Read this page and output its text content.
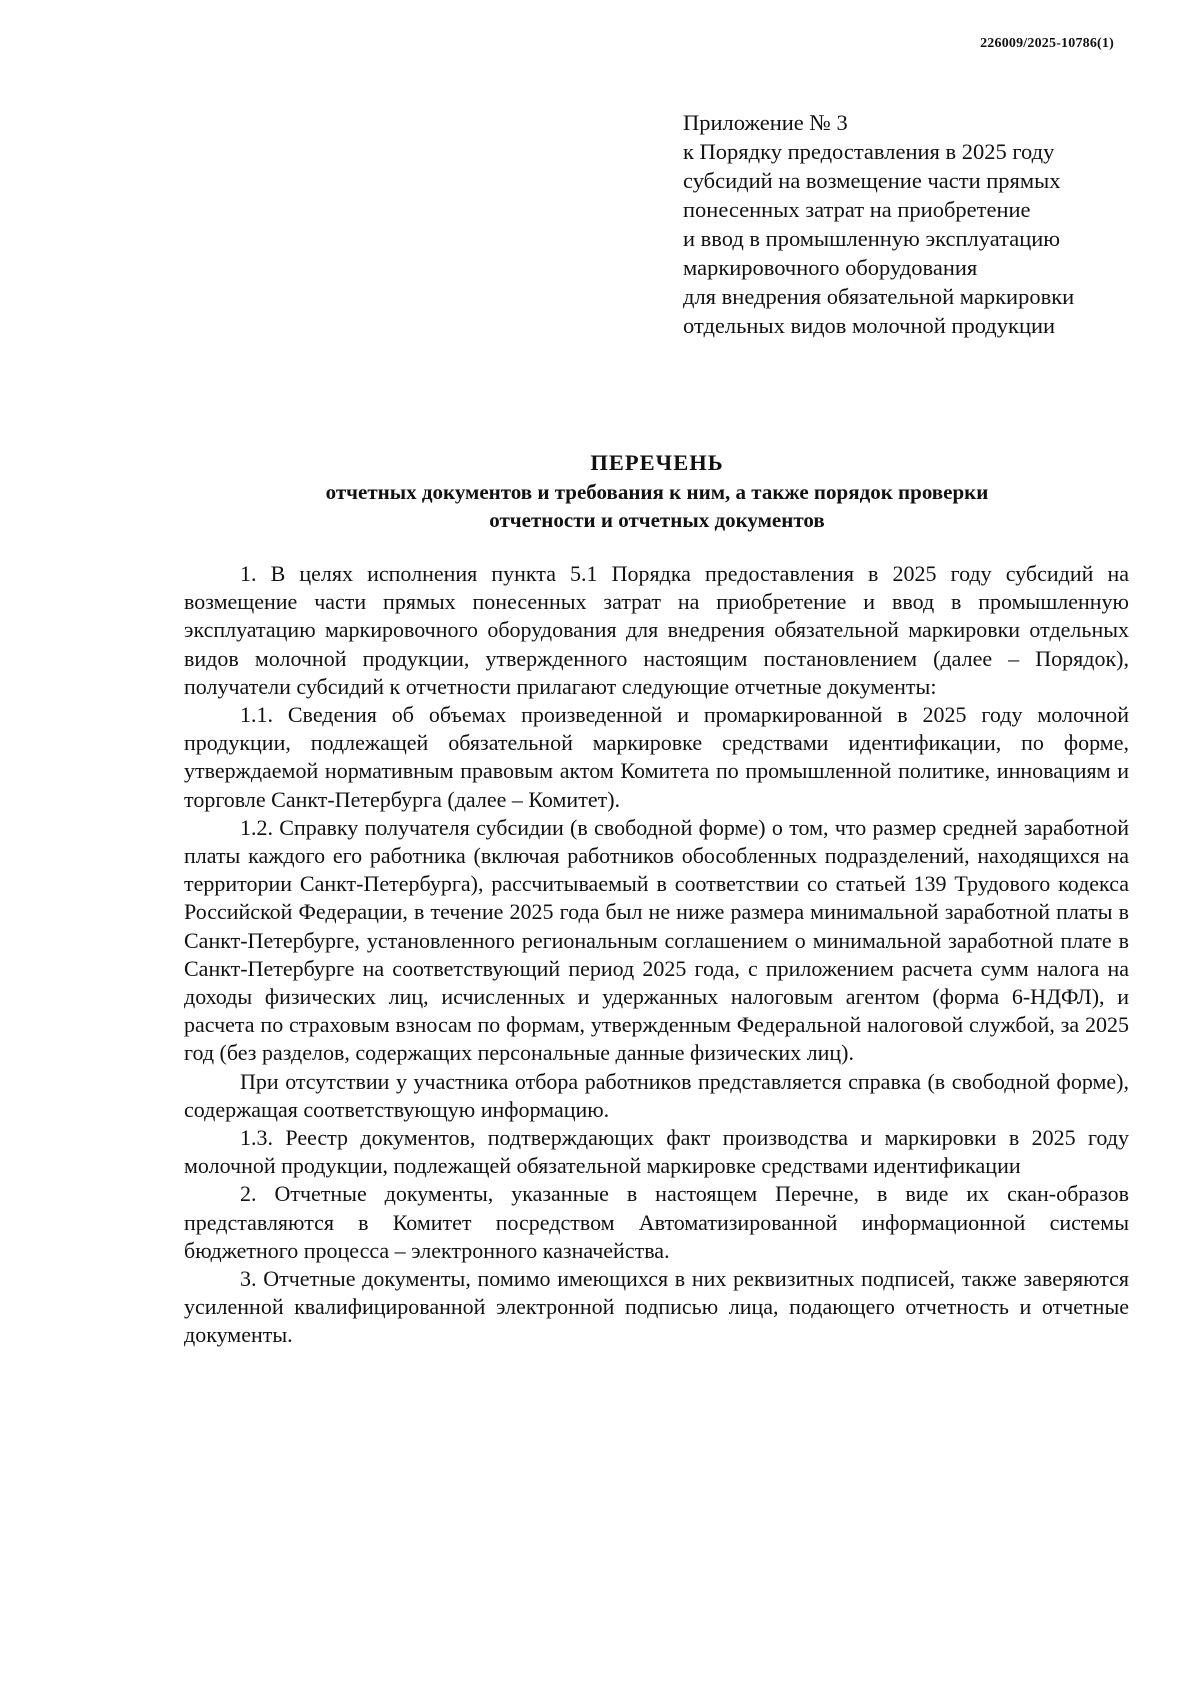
226009/2025-10786(1)
Приложение № 3
к Порядку предоставления в 2025 году
субсидий на возмещение части прямых
понесенных затрат на приобретение
и ввод в промышленную эксплуатацию
маркировочного оборудования
для внедрения обязательной маркировки
отдельных видов молочной продукции
ПЕРЕЧЕНЬ
отчетных документов и требования к ним, а также порядок проверки
отчетности и отчетных документов

1. В целях исполнения пункта 5.1 Порядка предоставления в 2025 году субсидий на возмещение части прямых понесенных затрат на приобретение и ввод в промышленную эксплуатацию маркировочного оборудования для внедрения обязательной маркировки отдельных видов молочной продукции, утвержденного настоящим постановлением (далее – Порядок), получатели субсидий к отчетности прилагают следующие отчетные документы:

1.1. Сведения об объемах произведенной и промаркированной в 2025 году молочной продукции, подлежащей обязательной маркировке средствами идентификации, по форме, утверждаемой нормативным правовым актом Комитета по промышленной политике, инновациям и торговле Санкт-Петербурга (далее – Комитет).

1.2. Справку получателя субсидии (в свободной форме) о том, что размер средней заработной платы каждого его работника (включая работников обособленных подразделений, находящихся на территории Санкт-Петербурга), рассчитываемый в соответствии со статьей 139 Трудового кодекса Российской Федерации, в течение 2025 года был не ниже размера минимальной заработной платы в Санкт-Петербурге, установленного региональным соглашением о минимальной заработной плате в Санкт-Петербурге на соответствующий период 2025 года, с приложением расчета сумм налога на доходы физических лиц, исчисленных и удержанных налоговым агентом (форма 6-НДФЛ), и расчета по страховым взносам по формам, утвержденным Федеральной налоговой службой, за 2025 год (без разделов, содержащих персональные данные физических лиц).

При отсутствии у участника отбора работников представляется справка (в свободной форме), содержащая соответствующую информацию.

1.3. Реестр документов, подтверждающих факт производства и маркировки в 2025 году молочной продукции, подлежащей обязательной маркировке средствами идентификации

2. Отчетные документы, указанные в настоящем Перечне, в виде их скан-образов представляются в Комитет посредством Автоматизированной информационной системы бюджетного процесса – электронного казначейства.

3. Отчетные документы, помимо имеющихся в них реквизитных подписей, также заверяются усиленной квалифицированной электронной подписью лица, подающего отчетность и отчетные документы.
